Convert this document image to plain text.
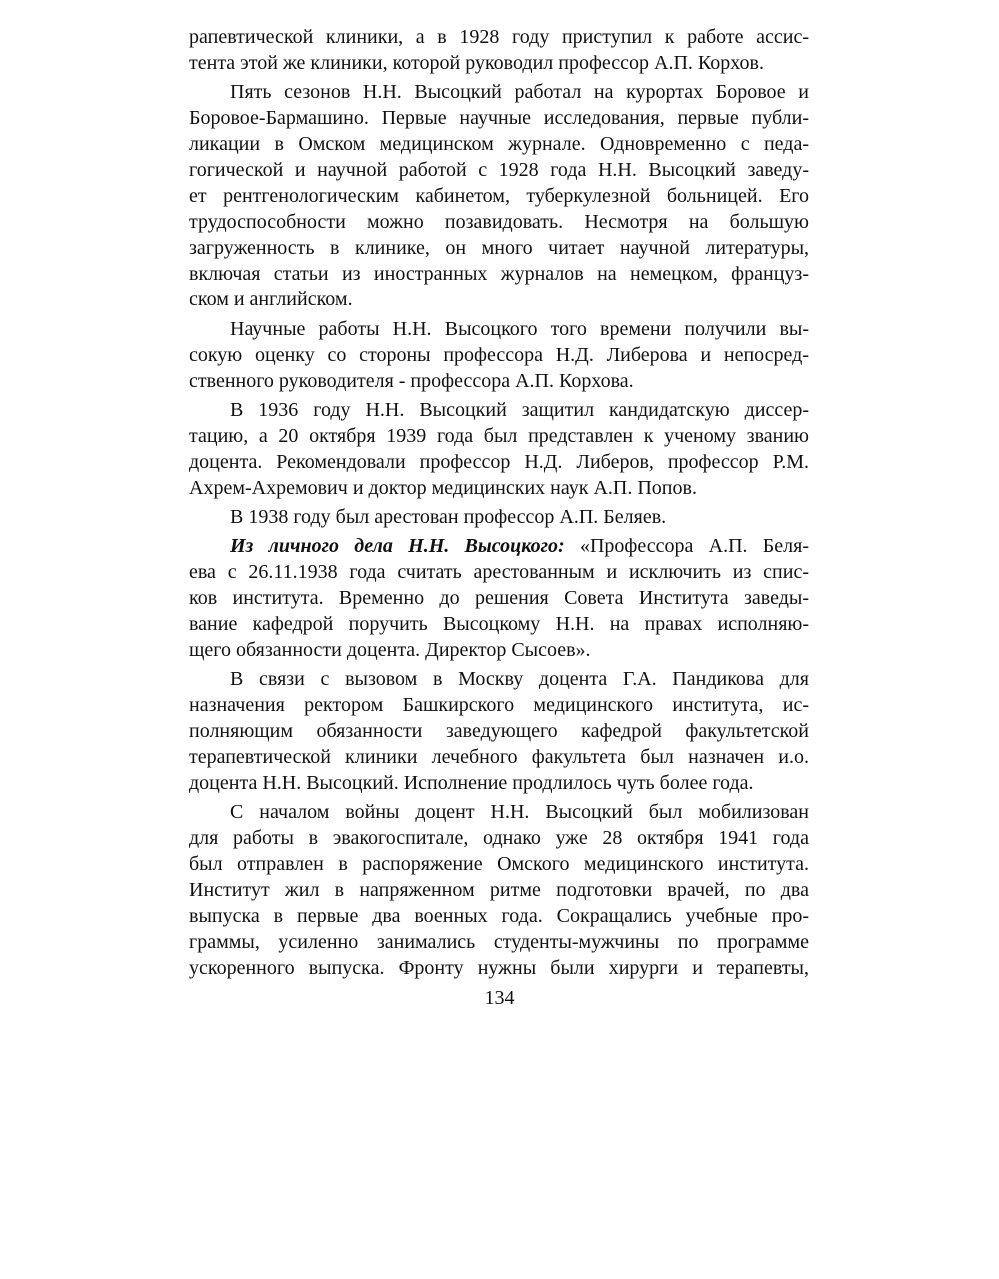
рапевтической клиники, а в 1928 году приступил к работе асcис-
тента этой же клиники, которой руководил профессор А.П. Корхов.
Пять сезонов Н.Н. Высоцкий работал на курортах Боровое и
Боровое-Бармашино. Первые научные исследования, первые публи-
ликации в Омском медицинском журнале. Одновременно с педа-
гогической и научной работой с 1928 года Н.Н. Высоцкий заведу-
ет рентгенологическим кабинетом, туберкулезной больницей. Его
трудоспособности можно позавидовать. Несмотря на большую
загруженность в клинике, он много читает научной литературы,
включая статьи из иностранных журналов на немецком, француз-
ском и английском.
Научные работы Н.Н. Высоцкого того времени получили вы-
сокую оценку со стороны профессора Н.Д. Либерова и непосред-
ственного руководителя - профессора А.П. Корхова.
В 1936 году Н.Н. Высоцкий защитил кандидатскую диссер-
тацию, а 20 октября 1939 года был представлен к ученому званию
доцента. Рекомендовали профессор Н.Д. Либеров, профессор Р.М.
Ахрем-Ахремович и доктор медицинских наук А.П. Попов.
В 1938 году был арестован профессор А.П. Беляев.
Из личного дела Н.Н. Высоцкого: «Профессора А.П. Беля-
ева с 26.11.1938 года считать арестованным и исключить из спис-
ков института. Временно до решения Совета Института заведы-
вание кафедрой поручить Высоцкому Н.Н. на правах исполняю-
щего обязанности доцента. Директор Сысоев».
В связи с вызовом в Москву доцента Г.А. Пандикова для
назначения ректором Башкирского медицинского института, ис-
полняющим обязанности заведующего кафедрой факультетской
терапевтической клиники лечебного факультета был назначен и.о.
доцента Н.Н. Высоцкий. Исполнение продлилось чуть более года.
С началом войны доцент Н.Н. Высоцкий был мобилизован
для работы в эвакогоспитале, однако уже 28 октября 1941 года
был отправлен в распоряжение Омского медицинского института.
Институт жил в напряженном ритме подготовки врачей, по два
выпуска в первые два военных года. Сокращались учебные про-
граммы, усиленно занимались студенты-мужчины по программе
ускоренного выпуска. Фронту нужны были хирурги и терапевты,
134
